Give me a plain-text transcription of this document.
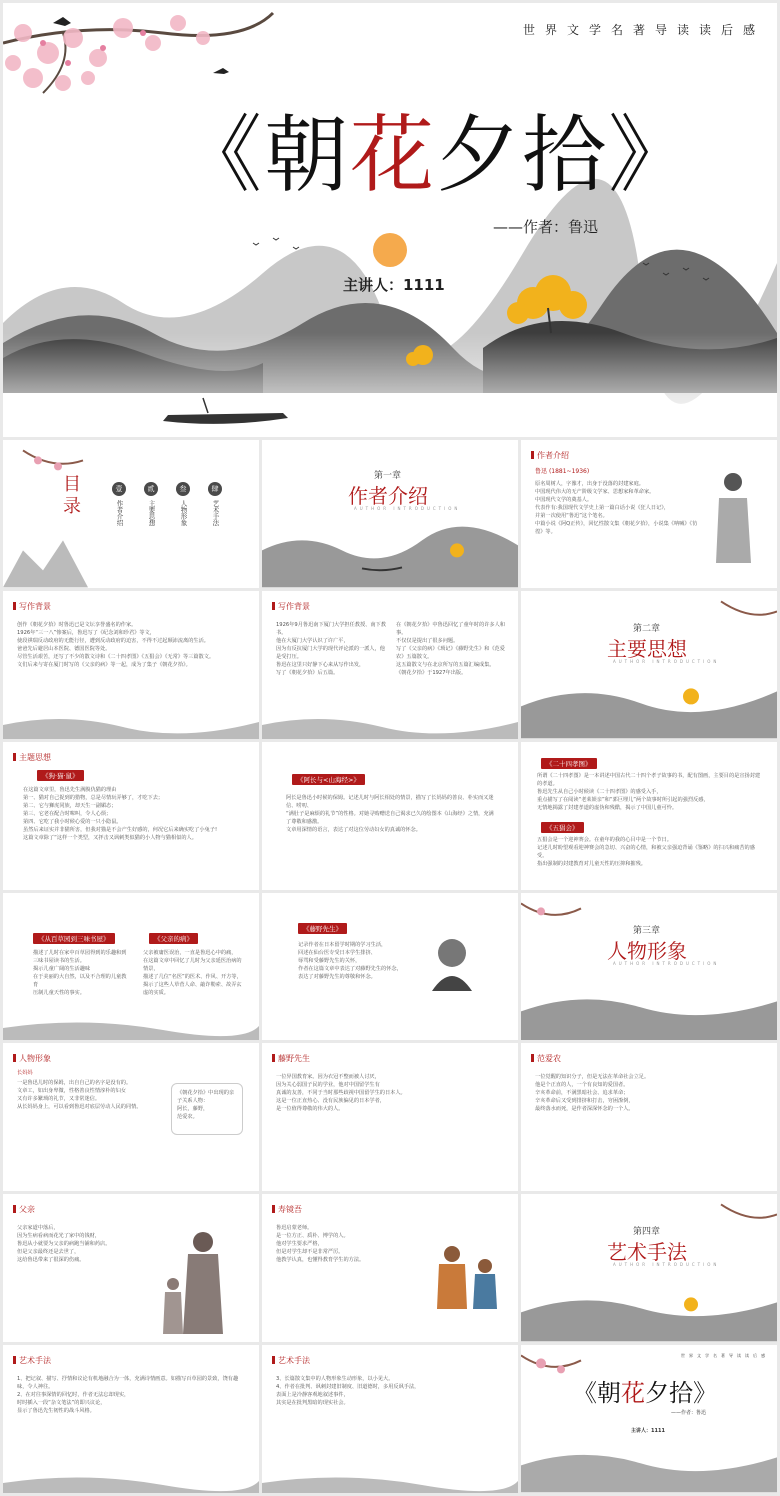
世界文学名著导读读后感
《朝花夕拾》
——作者：鲁迅
主讲人：1111
目录
壹
作者介绍
贰
主要思想
叁
人物形象
肆
艺术手法
第一章
作者介绍
AUTHOR INTRODUCTION
作者介绍
鲁迅 (1881~1936)
原名周树人，字豫才，出身于没落的封建家庭。
中国现代伟大的无产阶级文学家、思想家和革命家。
中国现代文学的奠基人。
代表作有:我国现代文学史上第一篇白话小说《狂人日记》，
并第一次使用“鲁迅”这个笔名。
中篇小说《阿Q正传》，回忆性散文集《朝花夕拾》，小说集《呐喊》《彷徨》等。
写作背景
创作《朝花夕拾》时鲁迅已是文坛享誉盛名的作家。
1926年“三一八”惨案后，鲁迅写了《纪念刘和珍君》等文，
使段祺瑞反动政府的无能行径，遭到反动政府的迫害，不得不过起颠沛流离的生活。
爸爸先后避居山本医院、德国医院等处。
尽管生活艰苦，还写了不少的散文诗和《二十四孝图》《五猖会》《无常》等三篇散文。
文们后来与寄在厦门时写的《父亲的病》等一起，成为了集子《朝花夕拾》。
写作背景
1926年9月鲁迅南下厦门大学担任教授、南下教书。
他在大厦门大学认识了许广平，
因为有反抗厦门大学的现代评论派的一派人，他是受打压。
鲁迅在这里只好静下心来从写作出发，
写了《朝花夕拾》后五篇。
在《朝花夕拾》中鲁迅回忆了童年时的许多人和事。
不仅仅是提出了很多问题。
写了《父亲的病》《琐记》《藤野先生》和《范爱农》五篇散文。
这五篇散文与在北京所写的五篇汇编成集。
《朝花夕拾》于1927年出版。
第二章
主要思想
AUTHOR INTRODUCTION
主题思想
《狗·猫·鼠》
在这篇文章里，鲁迅先生满腹仇猫的理由
第一、猫对自己捉到的猎物，总是尽情玩弄够了，才吃下去；
第二、它与狮虎同族，却天生一副媚态；
第三、它老在配合时嗥叫，令人心烦；
第四、它吃了我小时候心爱的一只小隐鼠。
虽然后来证实并非猫所害，但我对猫是不会产生好感的，何况它后来确实吃了小兔子!
这篇文章除了“这样一个类型，又抨击又讽刺类似猫的小人物与猫相似的人。
《阿长与<山海经>》
阿长是鲁迅小时候的保姆。记述儿时与阿长相处的情景，描写了长妈妈的善良、朴实而又迷信、唠叨、
“满肚子是麻烦的礼节”的性格。对她寻购赠送自己渴求已久的绘图本《山海经》之情，充满了尊敬和感激。
文章用深情的语言，表达了对这位劳动妇女的真诚的怀念。
《二十四孝图》
所谓《二十四孝图》是一本讲述中国古代二十四个孝子故事的书，配有图画，主要目的是宣扬封建的孝道。
鲁迅先生从自己小时候读《二十四孝图》的感受入手，
重点描写了在阅读“老莱娱亲”和“郭巨埋儿”两个故事时所引起的强烈反感，
无情地揭露了封建孝道的虚伪和残酷，揭示了中国儿童可怜。
《五猖会》
五猖会是一个迎神赛会。在童年的我的心目中是一个节日。
记述儿时盼望观看迎神赛会的急切、兴奋的心情，和被父亲强迫背诵《鉴略》的扫兴和痛苦的感受。
指出强制的封建教育对儿童天性的压抑和摧残。
《从百草园到三味书屋》
描述了儿时在家中百草园得到的乐趣和到三味书屋读书的生活。
揭示儿童广阔的生活趣味
在于美丽的大自然，以及不合理的儿童教育
压制儿童天性的事实。
《父亲的病》
父亲被庸医误治，一直是鲁迅心中的痛，
在这篇文章中回忆了儿时为父亲延医治病的情景，
描述了几位“名医”的医术、作风、开方等，
揭示了这些人草菅人命、敲诈勒索、故弄玄虚的实质。
《藤野先生》
记录作者在日本留学时期的学习生活，
回述在仙台医专受日本学生排挤、
辱骂和受藤野先生的关怀，
作者在这篇文章中表达了对藤野先生的怀念，
表达了对藤野先生的尊敬和怀念。
第三章
人物形象
AUTHOR INTRODUCTION
人物形象
长妈妈
一是鲁迅儿时的保姆，出自自己的名字是没有的。
文章工，如出身卑微，性格善良性情淳朴的妇女
又有许多繁琐的礼节，又非常迷信。
从长妈妈身上，可以看到鲁迅对底层劳动人民的同情。
《朝花夕拾》中出现的亲子关系人物：
阿长，藤野，
范爱农。
藤野先生
一位异国教育家。因为衣冠不整而被人讨厌，
因为关心弱国子民的学业，他对中国留学生有
真诚的友善，不同于当时那些歧视中国留学生的日本人。
这是一位正直热心、没有民族偏见的日本学者，
是一位值得尊敬的伟大的人。
范爱农
一位觉醒的知识分子，但是无法在革命社会立足。
他是个正直的人，一个有良知的爱国者。
辛亥革命前，不满黑暗社会、追求革命；
辛亥革命后又受到排挤和打击，穷困潦倒，
最终落水而死，是作者深深怀念的一个人。
父亲
父亲家道中落后，
因为生病看病而花光了家中的钱财，
鲁迅从小就要为父亲的病跑当铺和药店。
但是父亲最终还是去世了，
这给鲁迅带来了很深的伤痛。
寿镜吾
鲁迅启蒙老师。
是一位方正、质朴、博学的人。
他对学生要求严格，
但是对学生却不是非常严厉。
他教学认真，也懂得教育学生的方法。
第四章
艺术手法
AUTHOR INTRODUCTION
艺术手法
1、把记叙、描写、抒情和议论有机地融合为一体，充满诗情画意。如描写百草园的景致，饶有趣味，令人神往。
2、在对往事深情的回忆时，作者无法忘却现实，
时时插入一段“杂文笔法”的即兴议论，
显示了鲁迅先生韧性的战斗风格。
艺术手法
3、长篇散文集中的人物形象生动形象，以小见大。
4、作者在批判、讽刺封建旧制度、旧道德时，多用反讽手法，
表面上是冷静客观地叙述事件，
其实是在批判黑暗的现实社会。
世界文学名著导读读后感
《朝花夕拾》
——作者：鲁迅
主讲人：1111
